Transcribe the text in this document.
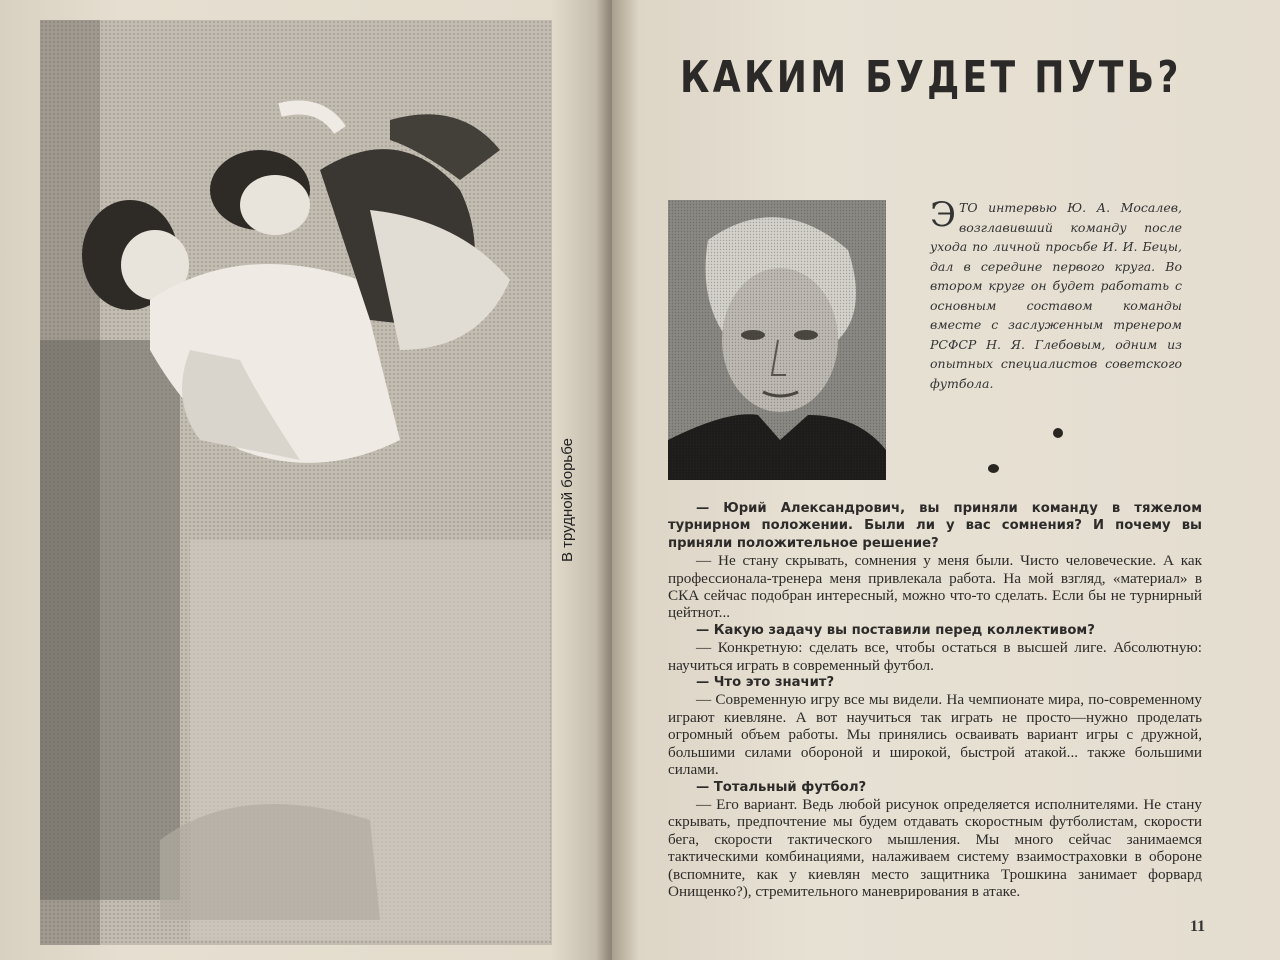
В трудной борьбе
КАКИМ БУДЕТ ПУТЬ?
ЭТО интервью Ю. А. Мосалев, возглавивший команду после ухода по личной просьбе И. И. Бецы, дал в середине первого круга. Во втором круге он будет работать с основным составом команды вместе с заслуженным тренером РСФСР Н. Я. Глебовым, одним из опытных специалистов советского футбола.

— Юрий Александрович, вы приняли команду в тяжелом турнирном положении. Были ли у вас сомнения? И почему вы приняли положительное решение?

— Не стану скрывать, сомнения у меня были. Чисто человеческие. А как профессионала-тренера меня привлекала работа. На мой взгляд, «материал» в СКА сейчас подобран интересный, можно что-то сделать. Если бы не турнирный цейтнот...

— Какую задачу вы поставили перед коллективом?

— Конкретную: сделать все, чтобы остаться в высшей лиге. Абсолютную: научиться играть в современный футбол.

— Что это значит?

— Современную игру все мы видели. На чемпионате мира, по-современному играют киевляне. А вот научиться так играть не просто—нужно проделать огромный объем работы. Мы принялись осваивать вариант игры с дружной, большими силами обороной и широкой, быстрой атакой... также большими силами.

— Тотальный футбол?

— Его вариант. Ведь любой рисунок определяется исполнителями. Не стану скрывать, предпочтение мы будем отдавать скоростным футболистам, скорости бега, скорости тактического мышления. Мы много сейчас занимаемся тактическими комбинациями, налаживаем систему взаимостраховки в обороне (вспомните, как у киевлян место защитника Трошкина занимает форвард Онищенко?), стремительного маневрирования в атаке.

11
